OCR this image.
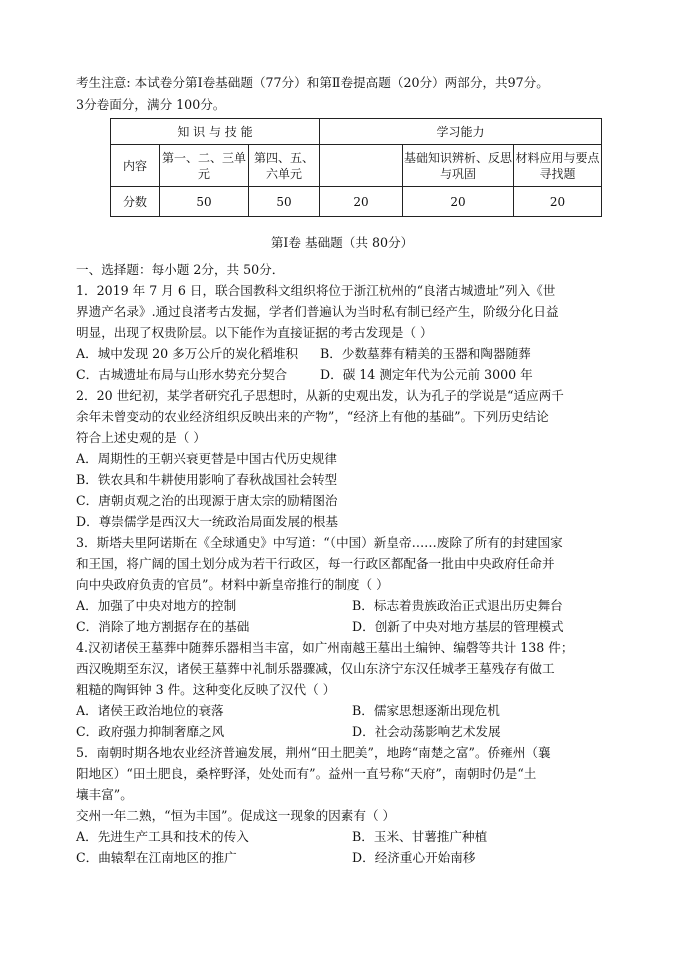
考生注意: 本试卷分第Ⅰ卷基础题（77分）和第Ⅱ卷提高题（20分）两部分，共97分。
3分卷面分，满分 100分。
知 识 与 技 能			学习能力		
内容	第一、二、三单元	第四、五、六单元		基础知识辨析、反思与巩固	材料应用与要点寻找题
分数	50	50	20	20	20
第Ⅰ卷 基础题（共 80分）
一、选择题：每小题 2分，共 50分．
1．2019 年 7 月 6 日，联合国教科文组织将位于浙江杭州的“良渚古城遗址”列入《世
界遗产名录》.通过良渚考古发掘，学者们普遍认为当时私有制已经产生，阶级分化日益
明显，出现了权贵阶层。以下能作为直接证据的考古发现是（ ）
A．城中发现 20 多万公斤的炭化稻堆积 B．少数墓葬有精美的玉器和陶器随葬
C．古城遗址布局与山形水势充分契合	D．碳 14 测定年代为公元前 3000 年
2．20 世纪初，某学者研究孔子思想时，从新的史观出发，认为孔子的学说是“适应两千
余年未曾变动的农业经济组织反映出来的产物”，“经济上有他的基础”。下列历史结论
符合上述史观的是（ ）
A．周期性的王朝兴衰更替是中国古代历史规律
B．铁农具和牛耕使用影响了春秋战国社会转型
C．唐朝贞观之治的出现源于唐太宗的励精图治
D．尊崇儒学是西汉大一统政治局面发展的根基
3．斯塔夫里阿诺斯在《全球通史》中写道：“（中国）新皇帝……废除了所有的封建国家
和王国，将广阔的国土划分成为若干行政区，每一行政区都配备一批由中央政府任命并
向中央政府负责的官员”。材料中新皇帝推行的制度（ ）
A．加强了中央对地方的控制	B．标志着贵族政治正式退出历史舞台
C．消除了地方割据存在的基础	D．创新了中央对地方基层的管理模式
4.汉初诸侯王墓葬中随葬乐器相当丰富，如广州南越王墓出土编钟、编磬等共计 138 件；
西汉晚期至东汉，诸侯王墓葬中礼制乐器骤减，仅山东济宁东汉任城孝王墓残存有做工
粗糙的陶铒钟 3 件。这种变化反映了汉代（ ）
A．诸侯王政治地位的衰落	B．儒家思想逐渐出现危机
C．政府强力抑制奢靡之风	D．社会动荡影响艺术发展
5．南朝时期各地农业经济普遍发展，荆州“田土肥美”，地跨“南楚之富”。侨雍州（襄
阳地区）“田土肥良，桑梓野泽，处处而有”。益州一直号称“天府”，南朝时仍是“土
壤丰富”。
交州一年二熟，“恒为丰国”。促成这一现象的因素有（ ）
A．先进生产工具和技术的传入	B．玉米、甘薯推广种植
C．曲辕犁在江南地区的推广	D．经济重心开始南移
